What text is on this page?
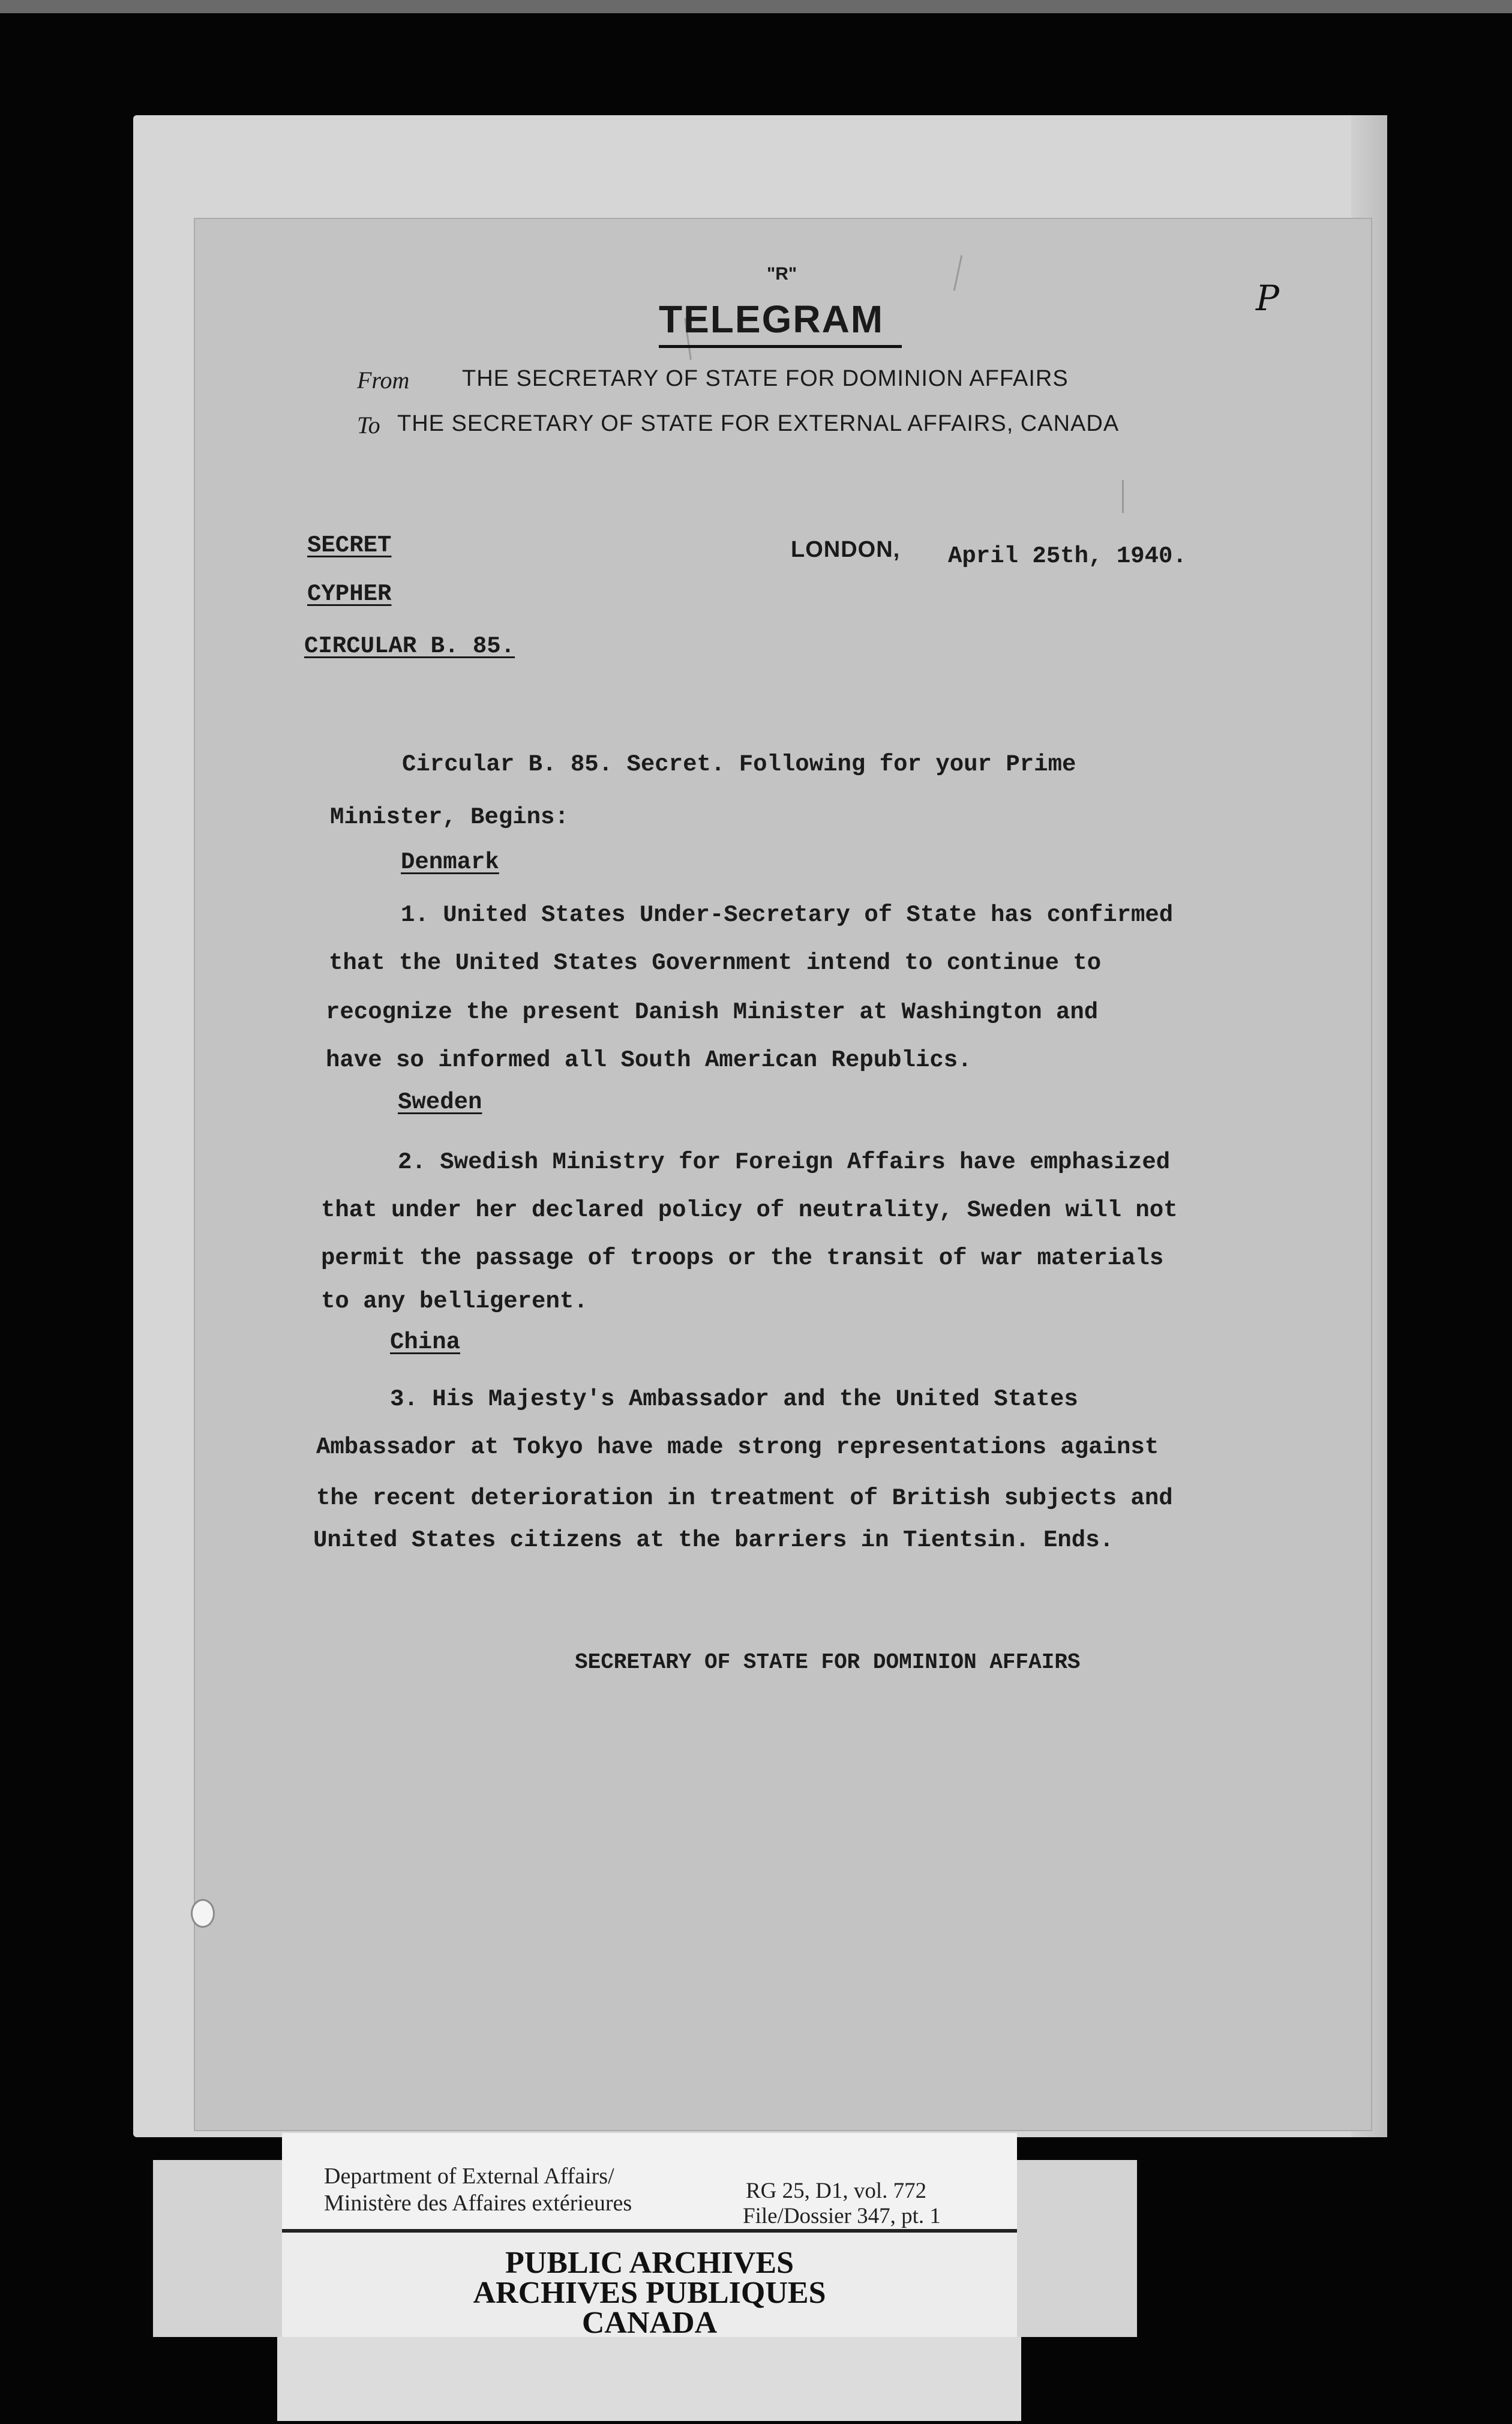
P
"R"
TELEGRAM
From THE SECRETARY OF STATE FOR DOMINION AFFAIRS
To THE SECRETARY OF STATE FOR EXTERNAL AFFAIRS, CANADA
SECRET
CYPHER
CIRCULAR B. 85.
LONDON, April 25th, 1940.
Circular B. 85. Secret. Following for your Prime
Minister, Begins:
Denmark
1. United States Under-Secretary of State has confirmed
that the United States Government intend to continue to
recognize the present Danish Minister at Washington and
have so informed all South American Republics.
Sweden
2. Swedish Ministry for Foreign Affairs have emphasized
that under her declared policy of neutrality, Sweden will not
permit the passage of troops or the transit of war materials
to any belligerent.
China
3. His Majesty's Ambassador and the United States
Ambassador at Tokyo have made strong representations against
the recent deterioration in treatment of British subjects and
United States citizens at the barriers in Tientsin. Ends.
SECRETARY OF STATE FOR DOMINION AFFAIRS
Department of External Affairs/
Ministère des Affaires extérieures	RG 25, D1, vol. 772
File/Dossier 347, pt. 1
PUBLIC ARCHIVES
ARCHIVES PUBLIQUES
CANADA
